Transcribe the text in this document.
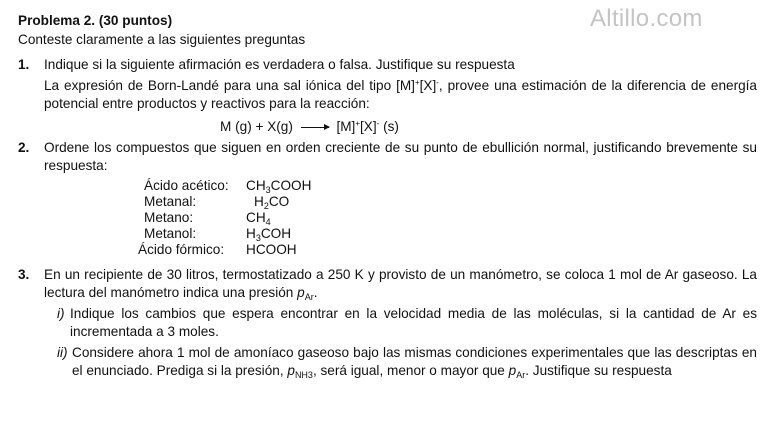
Problema 2. (30 puntos)	Altillo.com
Conteste claramente a las siguientes preguntas
1. Indique si la siguiente afirmación es verdadera o falsa. Justifique su respuesta
La expresión de Born-Landé para una sal iónica del tipo [M]+[X]-, provee una estimación de la diferencia de energía potencial entre productos y reactivos para la reacción:
M (g) + X(g) → [M]+[X]- (s)
2. Ordene los compuestos que siguen en orden creciente de su punto de ebullición normal, justificando brevemente su respuesta:
Ácido acético:	$CH_3COOH$
Metanal:	$H_2CO$
Metano:	$CH_4$
Metanol:	$H_3COH$
Ácido fórmico:	HCOOH
3. En un recipiente de 30 litros, termostatizado a 250 K y provisto de un manómetro, se coloca 1 mol de Ar gaseoso. La lectura del manómetro indica una presión $p_{Ar}$.
i) Indique los cambios que espera encontrar en la velocidad media de las moléculas, si la cantidad de Ar es incrementada a 3 moles.
ii) Considere ahora 1 mol de amoníaco gaseoso bajo las mismas condiciones experimentales que las descriptas en el enunciado. Prediga si la presión, $p_{NH3}$, será igual, menor o mayor que $p_{Ar}$. Justifique su respuesta
